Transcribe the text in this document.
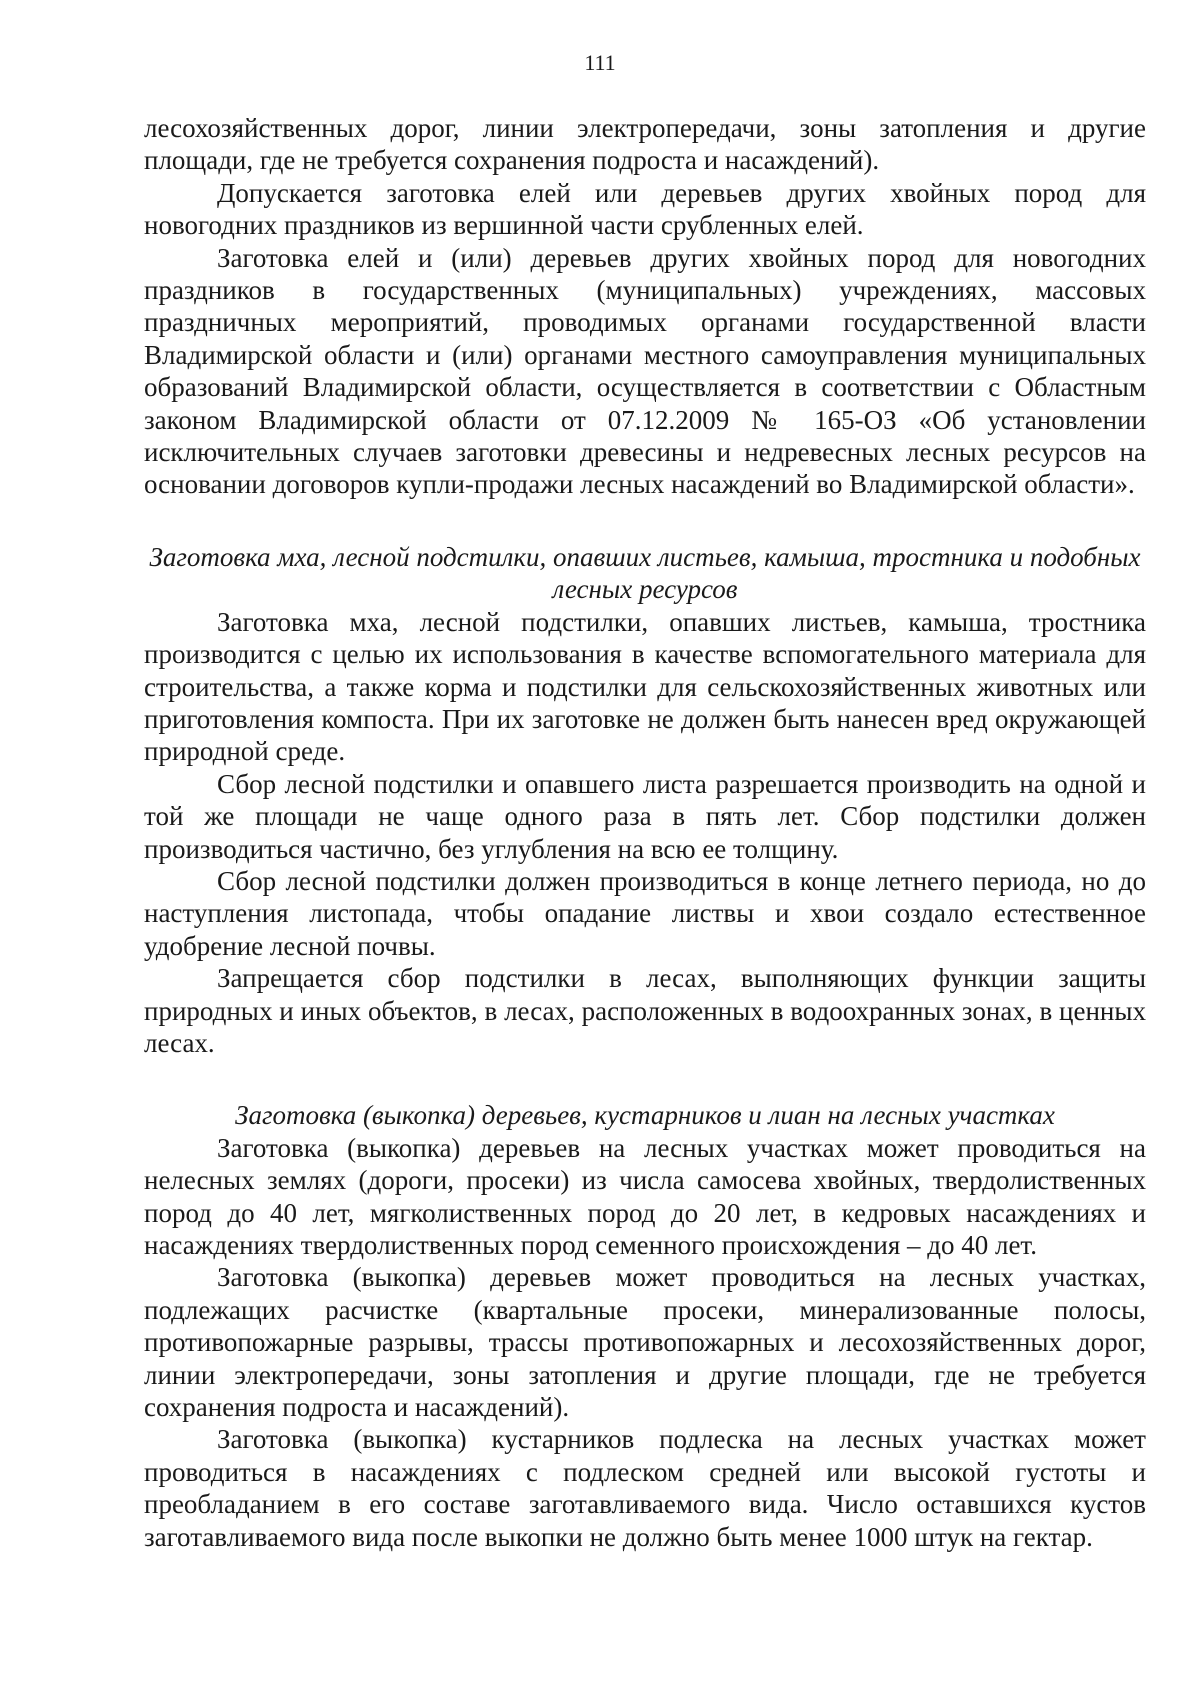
111

лесохозяйственных дорог, линии электропередачи, зоны затопления и другие площади, где не требуется сохранения подроста и насаждений).

Допускается заготовка елей или деревьев других хвойных пород для новогодних праздников из вершинной части срубленных елей.

Заготовка елей и (или) деревьев других хвойных пород для новогодних праздников в государственных (муниципальных) учреждениях, массовых праздничных мероприятий, проводимых органами государственной власти Владимирской области и (или) органами местного самоуправления муниципальных образований Владимирской области, осуществляется в соответствии с Областным законом Владимирской области от 07.12.2009 № 165-ОЗ «Об установлении исключительных случаев заготовки древесины и недревесных лесных ресурсов на основании договоров купли-продажи лесных насаждений во Владимирской области».

Заготовка мха, лесной подстилки, опавших листьев, камыша, тростника и подобных лесных ресурсов

Заготовка мха, лесной подстилки, опавших листьев, камыша, тростника производится с целью их использования в качестве вспомогательного материала для строительства, а также корма и подстилки для сельскохозяйственных животных или приготовления компоста. При их заготовке не должен быть нанесен вред окружающей природной среде.

Сбор лесной подстилки и опавшего листа разрешается производить на одной и той же площади не чаще одного раза в пять лет. Сбор подстилки должен производиться частично, без углубления на всю ее толщину.

Сбор лесной подстилки должен производиться в конце летнего периода, но до наступления листопада, чтобы опадание листвы и хвои создало естественное удобрение лесной почвы.

Запрещается сбор подстилки в лесах, выполняющих функции защиты природных и иных объектов, в лесах, расположенных в водоохранных зонах, в ценных лесах.

Заготовка (выкопка) деревьев, кустарников и лиан на лесных участках

Заготовка (выкопка) деревьев на лесных участках может проводиться на нелесных землях (дороги, просеки) из числа самосева хвойных, твердолиственных пород до 40 лет, мягколиственных пород до 20 лет, в кедровых насаждениях и насаждениях твердолиственных пород семенного происхождения – до 40 лет.

Заготовка (выкопка) деревьев может проводиться на лесных участках, подлежащих расчистке (квартальные просеки, минерализованные полосы, противопожарные разрывы, трассы противопожарных и лесохозяйственных дорог, линии электропередачи, зоны затопления и другие площади, где не требуется сохранения подроста и насаждений).

Заготовка (выкопка) кустарников подлеска на лесных участках может проводиться в насаждениях с подлеском средней или высокой густоты и преобладанием в его составе заготавливаемого вида. Число оставшихся кустов заготавливаемого вида после выкопки не должно быть менее 1000 штук на гектар.
